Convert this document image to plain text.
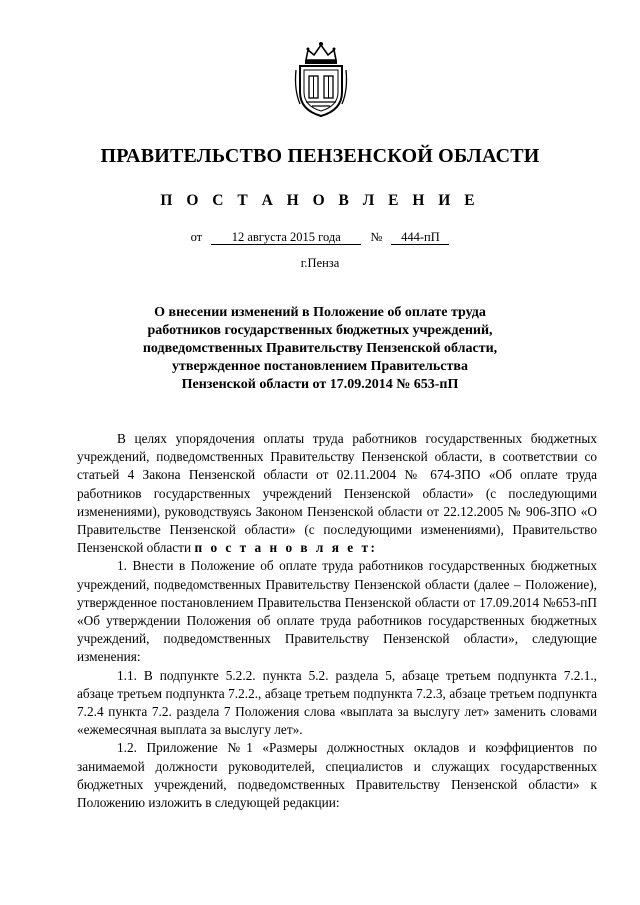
ПРАВИТЕЛЬСТВО ПЕНЗЕНСКОЙ ОБЛАСТИ
П О С Т А Н О В Л Е Н И Е
от 12 августа 2015 года № 444-пП
г.Пенза
О внесении изменений в Положение об оплате труда
работников государственных бюджетных учреждений,
подведомственных Правительству Пензенской области,
утвержденное постановлением Правительства
Пензенской области от 17.09.2014 № 653-пП

В целях упорядочения оплаты труда работников государственных бюджетных учреждений, подведомственных Правительству Пензенской области, в соответствии со статьей 4 Закона Пензенской области от 02.11.2004 № 674-ЗПО «Об оплате труда работников государственных учреждений Пензенской области» (с последующими изменениями), руководствуясь Законом Пензенской области от 22.12.2005 № 906-ЗПО «О Правительстве Пензенской области» (с последующими изменениями), Правительство Пензенской области п о с т а н о в л я е т:

1. Внести в Положение об оплате труда работников государственных бюджетных учреждений, подведомственных Правительству Пензенской области (далее – Положение), утвержденное постановлением Правительства Пензенской области от 17.09.2014 №653-пП «Об утверждении Положения об оплате труда работников государственных бюджетных учреждений, подведомственных Правительству Пензенской области», следующие изменения:

1.1. В подпункте 5.2.2. пункта 5.2. раздела 5, абзаце третьем подпункта 7.2.1., абзаце третьем подпункта 7.2.2., абзаце третьем подпункта 7.2.3, абзаце третьем подпункта 7.2.4 пункта 7.2. раздела 7 Положения слова «выплата за выслугу лет» заменить словами «ежемесячная выплата за выслугу лет».

1.2. Приложение №1 «Размеры должностных окладов и коэффициентов по занимаемой должности руководителей, специалистов и служащих государственных бюджетных учреждений, подведомственных Правительству Пензенской области» к Положению изложить в следующей редакции:
